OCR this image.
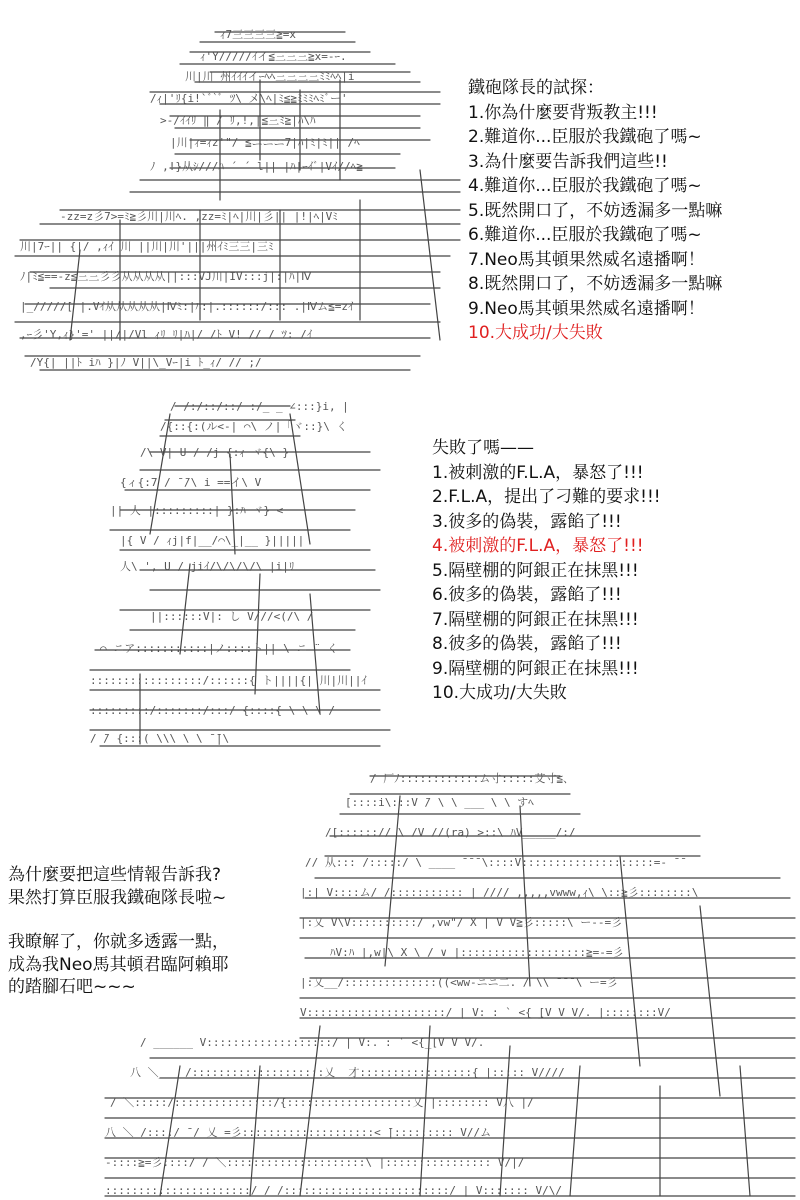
ｨ7三三三三≧=x
ｨ'Y/////ｲイ≦三三三≧x=-ｰ.
川|川 州ｲｲｲイｰﾍﾍ三三三三ﾐﾐﾍﾍ|i
/ｨ|'ﾘ{i!`ﾞ`ﾞ ﾂ\ メ\ﾍ|ﾐ≦≧ﾐﾐﾐﾍﾐﾞー'
>-/ｲｲﾘ ‖ / ﾘ,!,|≦三ﾐ≧|ﾊ\ﾊ
|川|ｨ=ｨz'"/ ≦ニニニ7|ﾊ|ﾐ|ﾐ|| /ﾍ
ﾉ ,!}从ｼ///ﾊ ´ ´ l|| |ﾊ|ｰｲﾞ|Vｲ//ﾍ≧
-zz=z彡7>=ﾐ≧彡川|川ﾍ. ,zz=ﾐ|ﾍ|川|彡|| |!|ﾍ|Vﾐ
川|7ｰ|| {|/ ,ｨｲ 川 ||川|川'|||州ｲﾐ三三|三ﾐ
ﾉ|ﾐ≦==-z≦三三彡彡从从从从||:::VJ川|IV:::j|:|ﾊ|Ⅳ
|_/////[ |.Vｲ从从从从从|Ⅳﾐ:|ﾊ:|.::::::/::: .|Ⅳム≦=zｲ
,ｰ彡'Y,ｨ}'=' ||/|/Vl ｨﾘ ﾘ|ﾊ|/ /ﾄ V! // / ﾂ: /ｲ
/Y{| ||ﾄ iﾊ }|ﾉ V||\_Vｰ|i ﾄ_ｨ/ // ;/
鐵砲隊長的試探：
1.你為什麼要背叛教主!!!
2.難道你...臣服於我鐵砲了嗎~
3.為什麼要告訴我們這些!!
4.難道你...臣服於我鐵砲了嗎~
5.既然開口了，不妨透漏多一點嘛
6.難道你...臣服於我鐵砲了嗎~
7.Neo馬其頓果然威名遠播啊！
8.既然開口了，不妨透漏多一點嘛
9.Neo馬其頓果然威名遠播啊！
10.大成功/大失敗
/ /:/::/::/ :/_ _ ∠:::}i, |
/{::{:(ル<-| ⌒\ ノ|「ヾ::}\ く
/\ V| U / /j {:ｨ ヾ{\ }
{ィ{:7 / ̄ ̄/\ i ==イ\ V
|| 人 |:::::::::| }:ﾊ ヾ} <
|{ V / ｨj|f|__/⌒\_|__ }|||||
人\ ', U / jiｲ/\/\/\/\ |i|ﾘ
||::::::V|: し V///<(/\ /
⌒ ニア:::::::::::|ノ::::ト|| \ ニ ¨ く
:::::::::::::::::/::::::{ ト||||{| 川|川||ｲ
:::::::::/:::::::/:::/ {::::{ \ \ \ /
/ ̄/ {:::( \\\ \ \ ̄ ̄|\
失敗了嗎——
1.被刺激的F.L.A，暴怒了!!!
2.F.L.A，提出了刁難的要求!!!
3.彼多的偽裝，露餡了!!!
4.被刺激的F.L.A，暴怒了!!!
5.隔壁棚的阿銀正在抹黑!!!
6.彼多的偽裝，露餡了!!!
7.隔壁棚的阿銀正在抹黑!!!
8.彼多的偽裝，露餡了!!!
9.隔壁棚的阿銀正在抹黑!!!
10.大成功/大失敗
為什麼要把這些情報告訴我?
果然打算臣服我鐵砲隊長啦~
我瞭解了，你就多透露一點，
成為我Neo馬其頓君臨阿賴耶
的踏腳石吧~~~
/ 厂ﾉ::::::::::::ム寸:::::艾寸≦、
[::::i\:::V ̄/ \ \ ___ \ \ すﾍ
/[::::::// \ /V //(ra) >::\ ﾊV_____/:/
// 从::: /:::::/ \ ____ ̄ ̄ ̄ \::::V::::::::::::::::::::=- ̄ ̄
|:| V::::ム/ /::::::::::: | //// ,,,,,vwww,ｨ\ \::≧彡::::::::\
|:乂 V\V::::::::::/ ,vw"/ X | V V≧彡:::::\ ー--=彡
ﾊV:ﾊ |,w|\ X \ / ∨ |:::::::::::::::::::≧=-=彡
|:乂__/::::::::::::::((<ww-ニニ二. / \\ ̄ ̄ ̄ \ ー=彡
V:::::::::::::::::::::/ | V: : ` <{_[V V V/. |::::::::V/
/ ______ V:::::::::::::::::::/ | V:. : ` <{_[V V V/.
八 ＼____/::::::::::::::::::::乂__才:::::::::::::::::{ |::::: V////
/ ＼:::::/:::::::::::::::/{:::::::::::::::::::乂 |:::::::: V八 |/
八 ＼ /::::/ ̄ / 乂 =彡::::::::::::::::::::< ̄|::::::::: V//ム
-::::≧=彡::::/ / ＼:::::::::::::::::::::\ |:::::::::::::::: V/|/
::::::::::::::::::::::/ / /:::::::::::::::::::::::::/ | V::::::: V/\/
